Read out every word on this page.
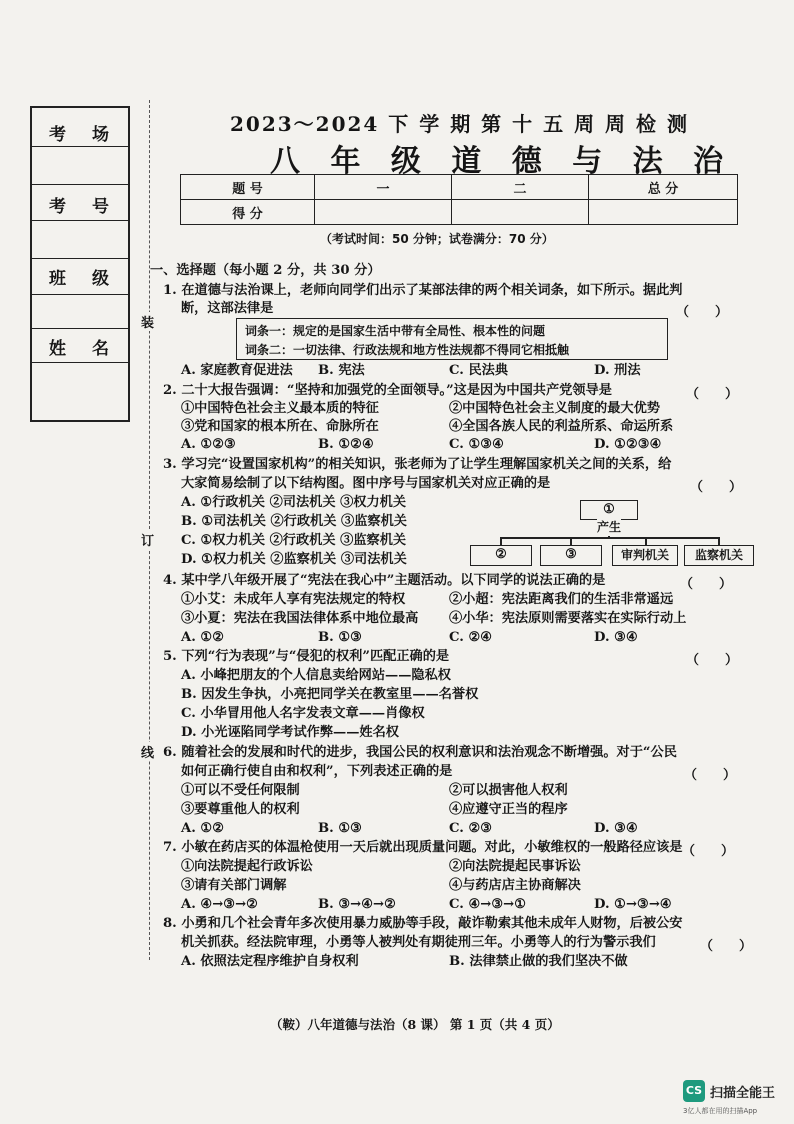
考 场
考 号
班 级
姓 名
装
订
线
2023～2024 下 学 期 第 十 五 周 周 检 测
八 年 级 道 德 与 法 治
题 号	一	二	总 分
得 分			
（考试时间：50 分钟；试卷满分：70 分）
一、选择题（每小题 2 分，共 30 分）
1. 在道德与法治课上，老师向同学们出示了某部法律的两个相关词条，如下所示。据此判
断，这部法律是	（　　）
词条一：规定的是国家生活中带有全局性、根本性的问题
词条二：一切法律、行政法规和地方性法规都不得同它相抵触
A. 家庭教育促进法 B. 宪法	C. 民法典	D. 刑法
2. 二十大报告强调：“坚持和加强党的全面领导。”这是因为中国共产党领导是	（　　）
①中国特色社会主义最本质的特征	②中国特色社会主义制度的最大优势
③党和国家的根本所在、命脉所在	④全国各族人民的利益所系、命运所系
A. ①②③	B. ①②④	C. ①③④	D. ①②③④
3. 学习完“设置国家机构”的相关知识，张老师为了让学生理解国家机关之间的关系，给
大家简易绘制了以下结构图。图中序号与国家机关对应正确的是	（　　）
A. ①行政机关 ②司法机关 ③权力机关
B. ①司法机关 ②行政机关 ③监察机关
C. ①权力机关 ②行政机关 ③监察机关
D. ①权力机关 ②监察机关 ③司法机关
①
产生
②	③	审判机关	监察机关
4. 某中学八年级开展了“宪法在我心中”主题活动。以下同学的说法正确的是	（　　）
①小艾：未成年人享有宪法规定的特权	②小超：宪法距离我们的生活非常遥远
③小夏：宪法在我国法律体系中地位最高 ④小华：宪法原则需要落实在实际行动上
A. ①②	B. ①③	C. ②④	D. ③④
5. 下列“行为表现”与“侵犯的权利”匹配正确的是	（　　）
A. 小峰把朋友的个人信息卖给网站——隐私权
B. 因发生争执，小亮把同学关在教室里——名誉权
C. 小华冒用他人名字发表文章——肖像权
D. 小光诬陷同学考试作弊——姓名权
6. 随着社会的发展和时代的进步，我国公民的权利意识和法治观念不断增强。对于“公民
如何正确行使自由和权利”，下列表述正确的是	（　　）
①可以不受任何限制	②可以损害他人权利
③要尊重他人的权利	④应遵守正当的程序
A. ①②	B. ①③	C. ②③	D. ③④
7. 小敏在药店买的体温枪使用一天后就出现质量问题。对此，小敏维权的一般路径应该是 （　　）
①向法院提起行政诉讼	②向法院提起民事诉讼
③请有关部门调解	④与药店店主协商解决
A. ④→③→②	B. ③→④→②	C. ④→③→①	D. ①→③→④
8. 小勇和几个社会青年多次使用暴力威胁等手段，敲诈勒索其他未成年人财物，后被公安
机关抓获。经法院审理，小勇等人被判处有期徒刑三年。小勇等人的行为警示我们	（　　）
A. 依照法定程序维护自身权利	B. 法律禁止做的我们坚决不做
（鞍）八年道德与法治（8 课） 第 1 页（共 4 页）
CS 扫描全能王
3亿人都在用的扫描App
